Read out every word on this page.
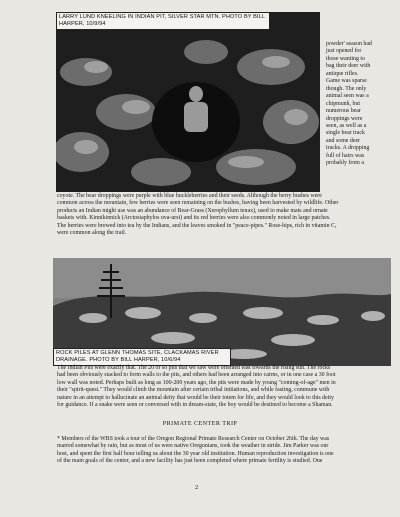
LARRY LUND KNEELING IN INDIAN PIT, SILVER STAR MTN. PHOTO BY BILL HARPER, 10/9/94
powder' season had
just opened for
those wanting to
bag their deer with
antique rifles.
Game was sparse
though. The only
animal seen was a
chipmunk, but
numerous bear
droppings were
seen, as well as a
single bear track
and some deer
tracks. A dropping
full of hairs was
probably from a
coyote. The bear droppings were purple with blue huckleberries and their seeds. Although the berry bushes were
common across the mountain, few berries were seen remaining on the bushes, having been harvested by wildlife. Other
products an Indian might use was an abundance of Bear-Grass (Xerophyllum tenax), used to make mats and ornate
baskets with. Kinnikinnick (Arctostaphylos uva-ursi) and its red berries were also commonly noted in large patches.
The berries were brewed into tea by the Indians, and the leaves smoked in "peace-pipes." Rose-hips, rich in vitamin C,
were common along the trail.
ROCK PILES AT GLENN THOMAS SITE, CLACKAMAS RIVER DRAINAGE. PHOTO BY BILL HARPER, 10/6/94
The Indian Pits were exactly that. The 20 or so pits that we saw were oriented east towards the rising sun. The rocks
had been obviously stacked to form walls to the pits, and others had been arranged into cairns, or in one case a 30 foot
low wall was noted. Perhaps built as long as 100-200 years ago, the pits were made by young "coming-of-age" men in
their "spirit-quest." They would climb the mountain after certain tribal initiations, and while fasting, commune with
nature in an attempt to hallucinate an animal deity that would be their totem for life, and they would look to this deity
for guidance. If a snake were seen or conversed with in dream-state, the boy would be destined to become a Shaman.
PRIMATE CENTER TRIP
* Members of the WBS took a tour of the Oregon Regional Primate Research Center on October 26th. The day was
marred somewhat by rain, but as most of us were native Oregonians, took the weather in stride. Jim Parker was our
host, and spent the first half hour telling us about the 30 year old institution. Human reproduction investigation is one
of the main goals of the center, and a new facility has just been completed where primate fertility is studied. One
2
